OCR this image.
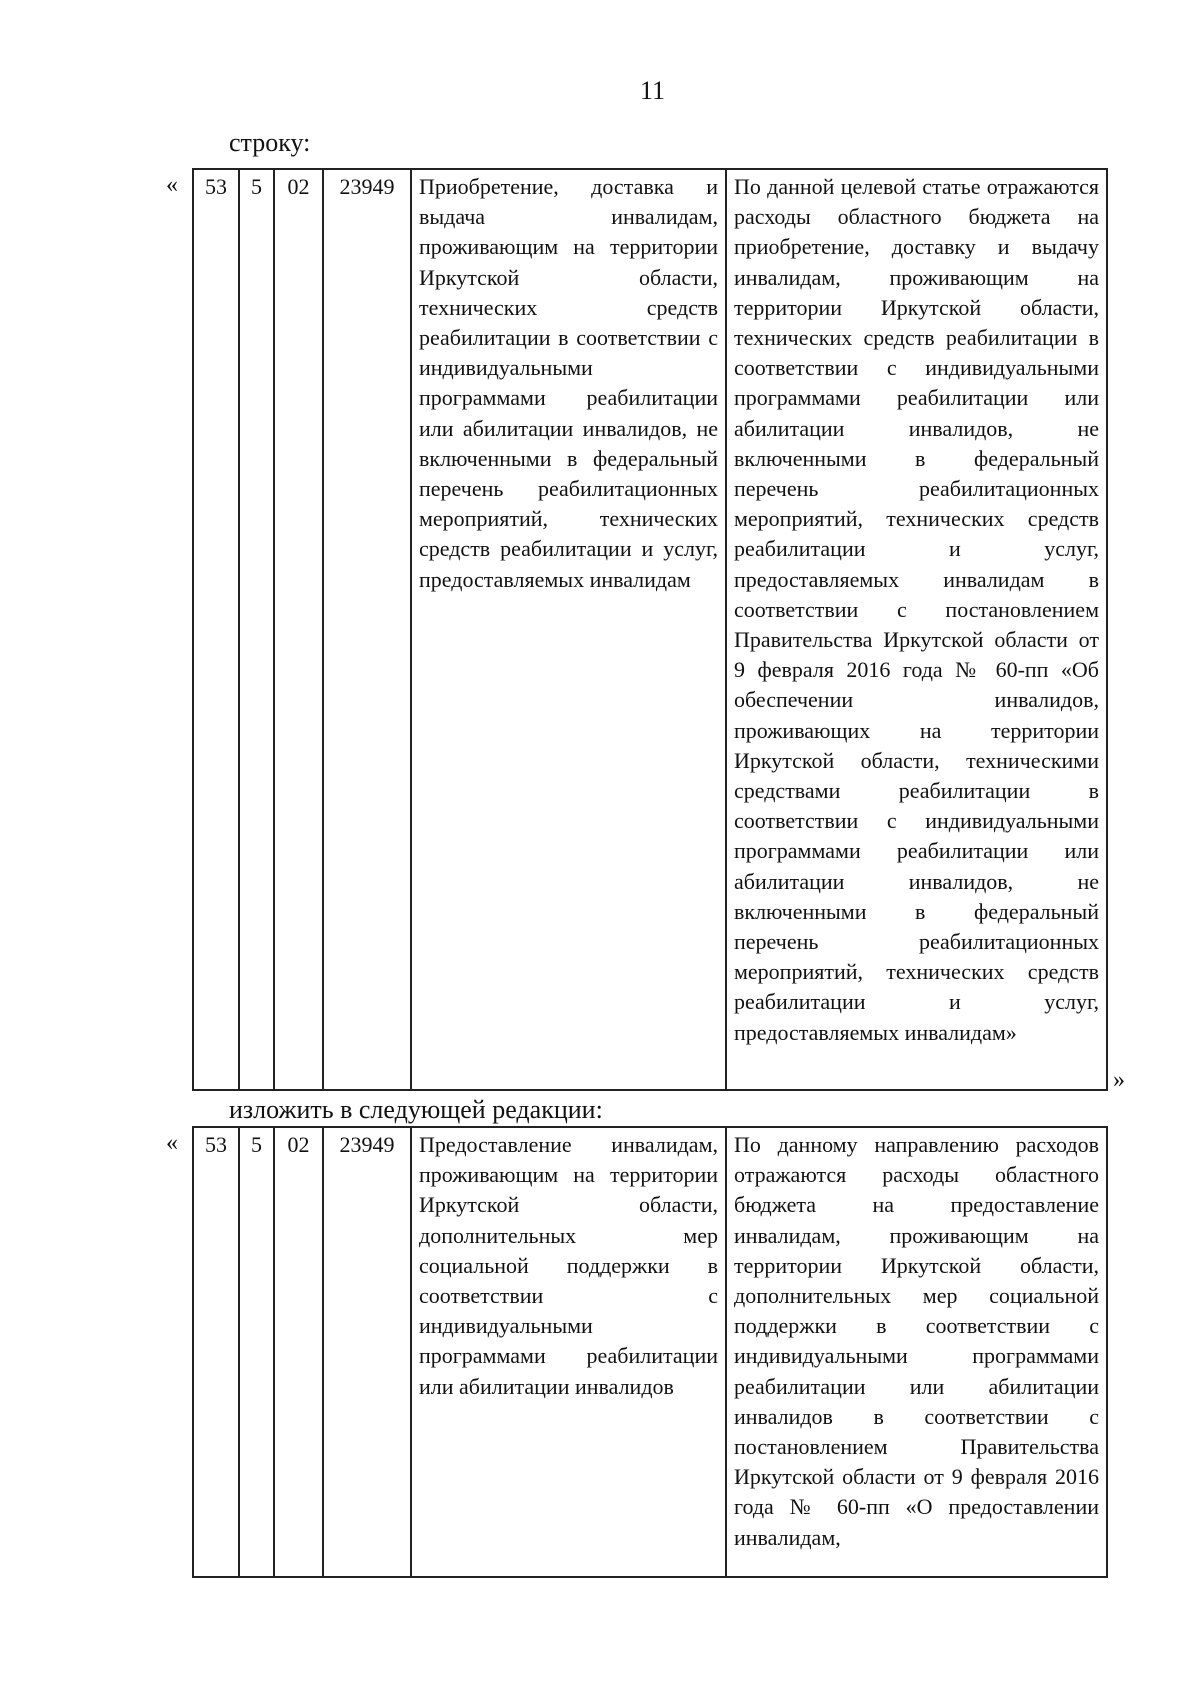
11
строку:
« 53	5	02	23949	Приобретение, доставка и выдача инвалидам, проживающим на территории Иркутской области, технических средств реабилитации в соответствии с индивидуальными программами реабилитации или абилитации инвалидов, не включенными в федеральный перечень реабилитационных мероприятий, технических средств реабилитации и услуг, предоставляемых инвалидам

По данной целевой статье отражаются расходы областного бюджета на приобретение, доставку и выдачу инвалидам, проживающим на территории Иркутской области, технических средств реабилитации в соответствии с индивидуальными программами реабилитации или абилитации инвалидов, не включенными в федеральный перечень реабилитационных мероприятий, технических средств реабилитации и услуг, предоставляемых инвалидам в соответствии с постановлением Правительства Иркутской области от 9 февраля 2016 года № 60-пп «Об обеспечении инвалидов, проживающих на территории Иркутской области, техническими средствами реабилитации в соответствии с индивидуальными программами реабилитации или абилитации инвалидов, не включенными в федеральный перечень реабилитационных мероприятий, технических средств реабилитации и услуг, предоставляемых инвалидам»

»
изложить в следующей редакции:
« 53	5	02	23949	Предоставление инвалидам, проживающим на территории Иркутской области, дополнительных мер социальной поддержки в соответствии с индивидуальными программами реабилитации или абилитации инвалидов

По данному направлению расходов отражаются расходы областного бюджета на предоставление инвалидам, проживающим на территории Иркутской области, дополнительных мер социальной поддержки в соответствии с индивидуальными программами реабилитации или абилитации инвалидов в соответствии с постановлением Правительства Иркутской области от 9 февраля 2016 года № 60-пп «О предоставлении инвалидам,
